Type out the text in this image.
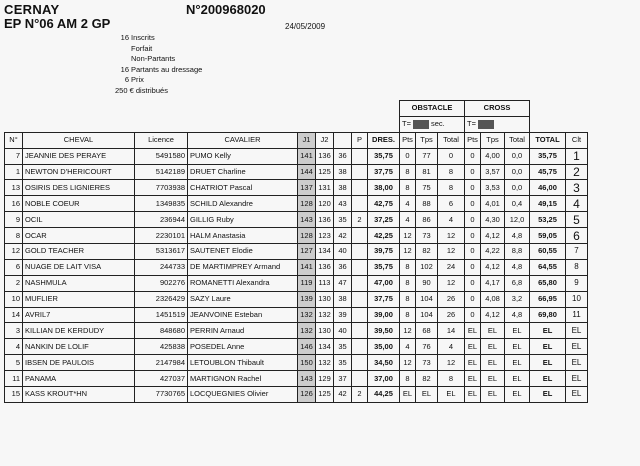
CERNAY
EP N°06 AM 2 GP
N°200968020
24/05/2009
16 Inscrits
Forfait
Non-Partants
16 Partants au dressage
6 Prix
250 € distribués
									OBSTACLE			CROSS				
									T= sec.			T=				
N°	CHEVAL	Licence	CAVALIER	J1	J2		P	DRES.	Pts	Tps	Total	Pts	Tps	Total	TOTAL	Clt
7	JEANNIE DES PERAYE	5491580	PUMO Kelly	141	136	36		35,75	0	77	0	0	4,00	0,0	35,75	1
1	NEWTON D'HERICOURT	5142189	DRUET Charline	144	125	38		37,75	8	81	8	0	3,57	0,0	45,75	2
13	OSIRIS DES LIGNIERES	7703938	CHATRIOT Pascal	137	131	38		38,00	8	75	8	0	3,53	0,0	46,00	3
16	NOBLE COEUR	1349835	SCHILD Alexandre	128	120	43		42,75	4	88	6	0	4,01	0,4	49,15	4
9	OCIL	236944	GILLIG Ruby	143	136	35	2	37,25	4	86	4	0	4,30	12,0	53,25	5
8	OCAR	2230101	HALM Anastasia	128	123	42		42,25	12	73	12	0	4,12	4,8	59,05	6
12	GOLD TEACHER	5313617	SAUTENET Elodie	127	134	40		39,75	12	82	12	0	4,22	8,8	60,55	7
6	NUAGE DE LAIT VISA	244733	DE MARTIMPREY Armand	141	136	36		35,75	8	102	24	0	4,12	4,8	64,55	8
2	NASHMULA	902276	ROMANETTI Alexandra	119	113	47		47,00	8	90	12	0	4,17	6,8	65,80	9
10	MUFLIER	2326429	SAZY Laure	139	130	38		37,75	8	104	26	0	4,08	3,2	66,95	10
14	AVRIL7	1451519	JEANVOINE Esteban	132	132	39		39,00	8	104	26	0	4,12	4,8	69,80	11
3	KILLIAN DE KERDUDY	848680	PERRIN Arnaud	132	130	40		39,50	12	68	14	EL	EL	EL	EL	EL
4	NANKIN DE LOLIF	425838	POSEDEL Anne	146	134	35		35,00	4	76	4	EL	EL	EL	EL	EL
5	IBSEN DE PAULOIS	2147984	LETOUBLON Thibault	150	132	35		34,50	12	73	12	EL	EL	EL	EL	EL
11	PANAMA	427037	MARTIGNON Rachel	143	129	37		37,00	8	82	8	EL	EL	EL	EL	EL
15	KASS KROUT*HN	7730765	LOCQUEGNIES Olivier	126	125	42	2	44,25	EL	EL	EL	EL	EL	EL	EL	EL
